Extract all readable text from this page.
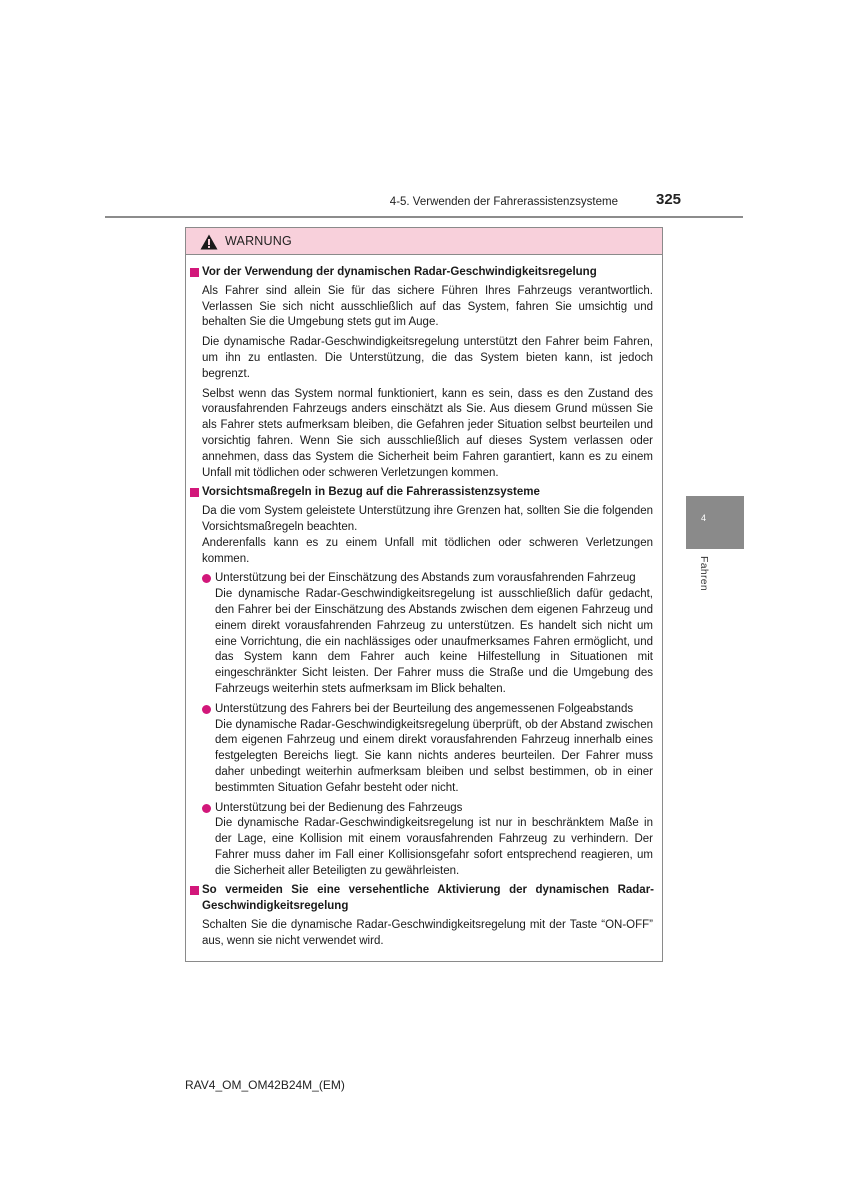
4-5. Verwenden der Fahrerassistenzsysteme	325
4
Fahren
WARNUNG
Vor der Verwendung der dynamischen Radar-Geschwindigkeitsregelung

Als Fahrer sind allein Sie für das sichere Führen Ihres Fahrzeugs verantwortlich. Verlassen Sie sich nicht ausschließlich auf das System, fahren Sie umsichtig und behalten Sie die Umgebung stets gut im Auge.

Die dynamische Radar-Geschwindigkeitsregelung unterstützt den Fahrer beim Fahren, um ihn zu entlasten. Die Unterstützung, die das System bieten kann, ist jedoch begrenzt.

Selbst wenn das System normal funktioniert, kann es sein, dass es den Zustand des vorausfahrenden Fahrzeugs anders einschätzt als Sie. Aus diesem Grund müssen Sie als Fahrer stets aufmerksam bleiben, die Gefahren jeder Situation selbst beurteilen und vorsichtig fahren. Wenn Sie sich ausschließlich auf dieses System verlassen oder annehmen, dass das System die Sicherheit beim Fahren garantiert, kann es zu einem Unfall mit tödlichen oder schweren Verletzungen kommen.

Vorsichtsmaßregeln in Bezug auf die Fahrerassistenzsysteme

Da die vom System geleistete Unterstützung ihre Grenzen hat, sollten Sie die folgenden Vorsichtsmaßregeln beachten.

Anderenfalls kann es zu einem Unfall mit tödlichen oder schweren Verletzungen kommen.

Unterstützung bei der Einschätzung des Abstands zum vorausfahrenden Fahrzeug
Die dynamische Radar-Geschwindigkeitsregelung ist ausschließlich dafür gedacht, den Fahrer bei der Einschätzung des Abstands zwischen dem eigenen Fahrzeug und einem direkt vorausfahrenden Fahrzeug zu unterstützen. Es handelt sich nicht um eine Vorrichtung, die ein nachlässiges oder unaufmerksames Fahren ermöglicht, und das System kann dem Fahrer auch keine Hilfestellung in Situationen mit eingeschränkter Sicht leisten. Der Fahrer muss die Straße und die Umgebung des Fahrzeugs weiterhin stets aufmerksam im Blick behalten.
Unterstützung des Fahrers bei der Beurteilung des angemessenen Folgeabstands
Die dynamische Radar-Geschwindigkeitsregelung überprüft, ob der Abstand zwischen dem eigenen Fahrzeug und einem direkt vorausfahrenden Fahrzeug innerhalb eines festgelegten Bereichs liegt. Sie kann nichts anderes beurteilen. Der Fahrer muss daher unbedingt weiterhin aufmerksam bleiben und selbst bestimmen, ob in einer bestimmten Situation Gefahr besteht oder nicht.
Unterstützung bei der Bedienung des Fahrzeugs
Die dynamische Radar-Geschwindigkeitsregelung ist nur in beschränktem Maße in der Lage, eine Kollision mit einem vorausfahrenden Fahrzeug zu verhindern. Der Fahrer muss daher im Fall einer Kollisionsgefahr sofort entsprechend reagieren, um die Sicherheit aller Beteiligten zu gewährleisten.
So vermeiden Sie eine versehentliche Aktivierung der dynamischen Radar-Geschwindigkeitsregelung

Schalten Sie die dynamische Radar-Geschwindigkeitsregelung mit der Taste “ON-OFF” aus, wenn sie nicht verwendet wird.

RAV4_OM_OM42B24M_(EM)
